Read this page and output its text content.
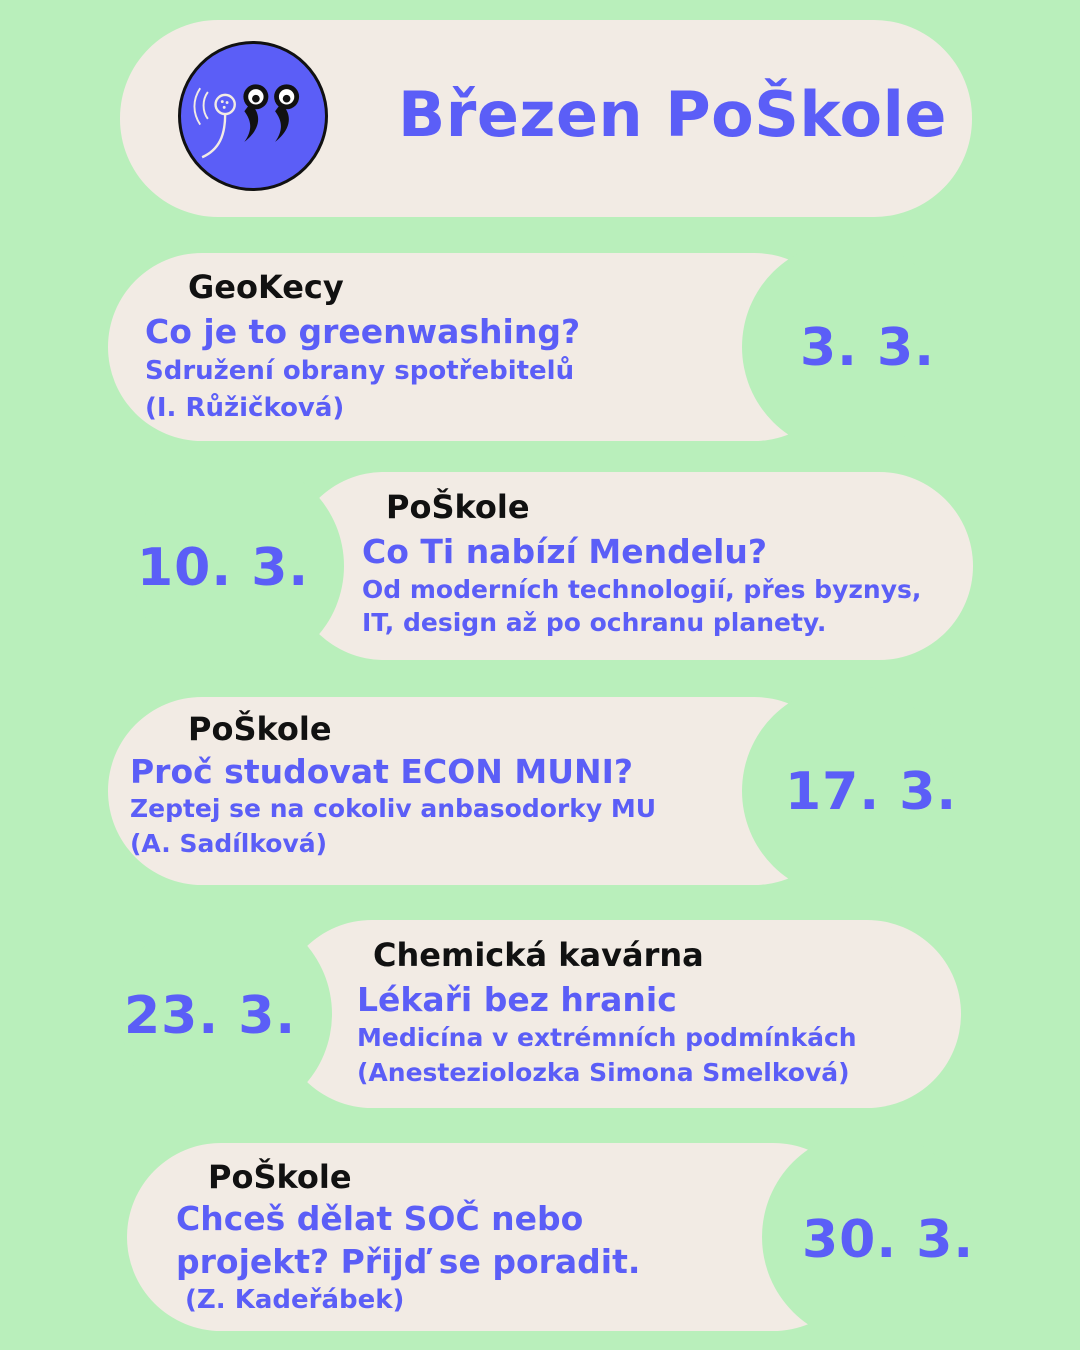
Březen PoŠkole
GeoKecy
Co je to greenwashing?
Sdružení obrany spotřebitelů
(I. Růžičková)
3. 3.
PoŠkole
Co Ti nabízí Mendelu?
Od moderních technologií, přes byznys,
IT, design až po ochranu planety.
10. 3.
PoŠkole
Proč studovat ECON MUNI?
Zeptej se na cokoliv anbasodorky MU
(A. Sadílková)
17. 3.
Chemická kavárna
Lékaři bez hranic
Medicína v extrémních podmínkách
(Anesteziolozka Simona Smelková)
23. 3.
PoŠkole
Chceš dělat SOČ nebo
projekt? Přijď se poradit.
(Z. Kadeřábek)
30. 3.
